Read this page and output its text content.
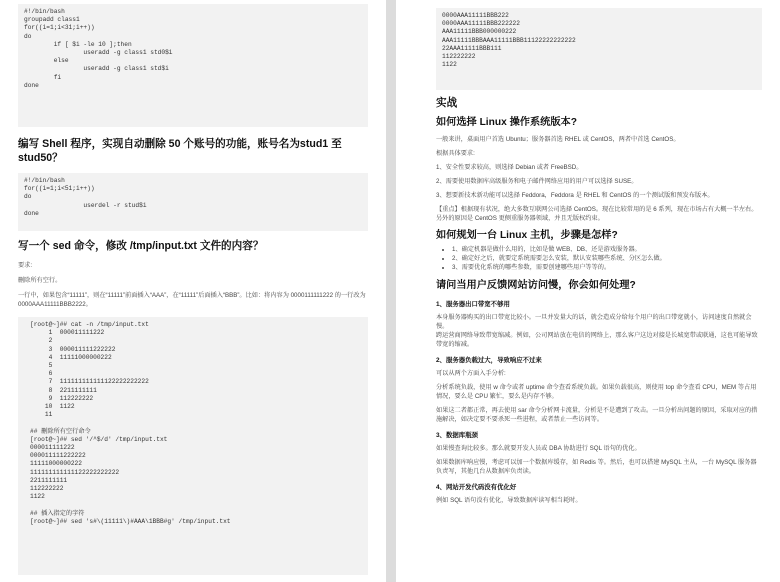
#!/bin/bash
groupadd class1
for((i=1;i<31;i++))
do
if [ $i -le 10 ];then
useradd -g class1 std0$i
else
useradd -g class1 std$i
fi
done
编写 Shell 程序，实现自动删除 50 个账号的功能，账号名为stud1 至 stud50？
#!/bin/bash
for((i=1;i<51;i++))
do
userdel -r stud$i
done
写一个 sed 命令，修改 /tmp/input.txt 文件的内容？
要求:
删除所有空行。
一行中，如果包含“11111”，则在“11111”前面插入“AAA”，在“11111”后面插入“BBB”。比如：将内容为 0000111111222 的一行改为 0000AAA11111BBB2222。
[root@~]## cat -n /tmp/input.txt
1  000011111222
2
3  000011111222222
4  11111000000222
5
6
7  111111111111122222222222
8  2211111111
9  112222222
10  1122
11

## 删除所有空行命令
[root@~]## sed '/^$/d' /tmp/input.txt
000011111222
000011111222222
11111000000222
111111111111122222222222
2211111111
112222222
1122

## 插入指定的字符
[root@~]## sed 's#\(11111\)#AAA\1BBB#g' /tmp/input.txt
0000AAA11111BBB222
0000AAA11111BBB222222
AAA11111BBB000000222
AAA11111BBBAAA11111BBB11122222222222
22AAA11111BBB111
112222222
1122
实战
如何选择 Linux 操作系统版本?
一般来讲，桌面用户首选 Ubuntu；服务器首选 RHEL 或 CentOS，两者中首选 CentOS。
根据具体要求:
1、安全性要求较高，则选择 Debian 或者 FreeBSD。
2、需要使用数据库高级服务和电子邮件网络应用的用户可以选择 SUSE。
3、想要新技术新功能可以选择 Feddora，Feddora 是 RHEL 和 CentOS 的一个测试版和预发布版本。
【重点】根据现有状况，绝大多数互联网公司选择 CentOS。现在比较常用的是 6 系列，现在市场占有大概一半左右。另外的原因是 CentOS 更侧重服务器领域，并且无版权约束。
如何规划一台 Linux 主机，步骤是怎样?
• 1、确定机器是做什么用的，比如是做 WEB、DB、还是游戏服务器。
• 2、确定好之后，就要定系统需要怎么安装，默认安装哪些系统、分区怎么做。
• 3、需要优化系统的哪些参数，需要创建哪些用户等等的。
请问当用户反馈网站访问慢，你会如何处理?
1、服务器出口带宽不够用
本身服务器购买的出口带宽比较小。一旦并发量大的话，就会造成分给每个用户的出口带宽就小，访问速度自然就会慢。
跨运营商网络导致带宽缩减。例如，公司网站放在电信的网络上，那么客户这边对接是长城宽带或联通，这也可能导致带宽的缩减。
2、服务器负载过大，导致响应不过来
可以从两个方面入手分析:
分析系统负载，使用 w 命令或者 uptime 命令查看系统负载。如果负载很高，则使用 top 命令查看 CPU，MEM 等占用情况，要么是 CPU 繁忙，要么是内存不够。
如果这二者都正常，再去使用 sar 命令分析网卡流量，分析是不是遭到了攻击。一旦分析出问题的原因，采取对应的措施解决，如决定要不要杀死一些进程，或者禁止一些访问等。
3、数据库瓶颈
如果慢查询比较多。那么就要开发人员或 DBA 协助进行 SQL 语句的优化。
如果数据库响应慢，考虑可以加一个数据库缓存，如 Redis 等。然后，也可以搭建 MySQL 主从，一台 MySQL 服务器负责写，其他几台从数据库负责读。
4、网站开发代码没有优化好
例如 SQL 语句没有优化，导致数据库读写相当耗时。
